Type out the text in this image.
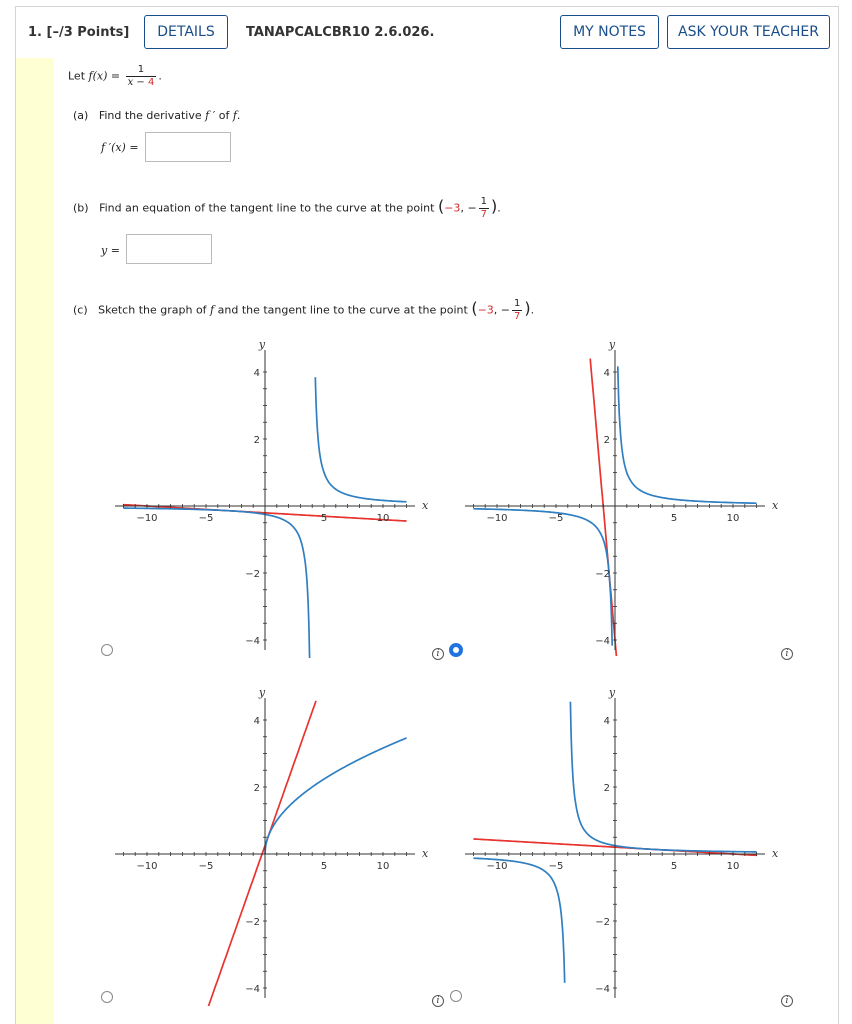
1. [–/3 Points]	DETAILS	TANAPCALCBR10 2.6.026.	MY NOTES	ASK YOUR TEACHER
Let $f(x) = \frac{1}{x - 4}$ .
(a) Find the derivative f ′ of f.
f ′(x) =
(b) Find an equation of the tangent line to the curve at the point (−3, − $\frac{1}{7}$ ).
y =
(c) Sketch the graph of f and the tangent line to the curve at the point (−3, − $\frac{1}{7}$ ).
−10	−5	5	10
4
2
−2
−4
y
x
−10	−5	5	10
4
2
−2
−4
y
x
−10	−5	5	10
4
2
−2
−4
y
x
−10	−5	5	10
4
2
−2
−4
y
x
i	i
i	i
